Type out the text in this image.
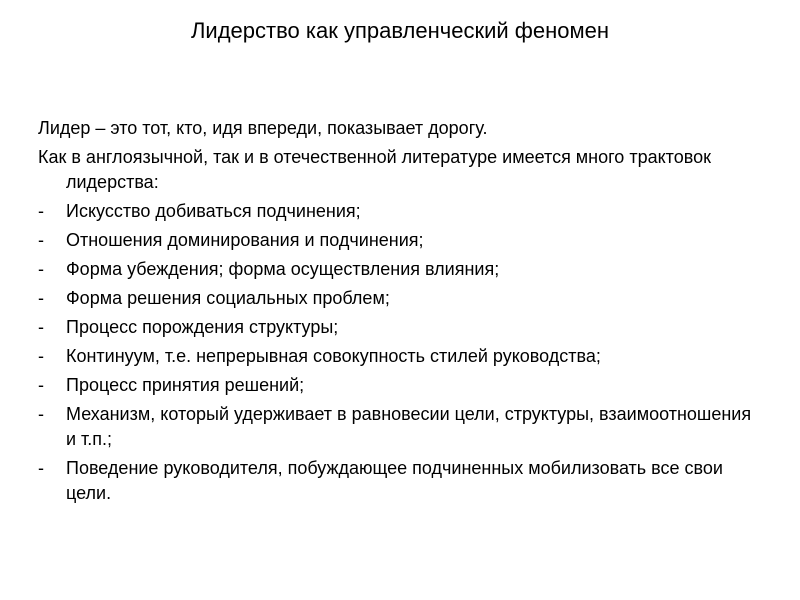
Лидерство как управленческий феномен
Лидер – это тот, кто, идя впереди, показывает дорогу.
Как в англоязычной, так и в отечественной литературе имеется много трактовок лидерства:
- Искусство добиваться подчинения;
- Отношения доминирования и подчинения;
- Форма убеждения; форма осуществления влияния;
- Форма решения социальных проблем;
- Процесс порождения структуры;
- Континуум, т.е. непрерывная совокупность стилей руководства;
- Процесс принятия решений;
- Механизм, который удерживает в равновесии цели, структуры, взаимоотношения и т.п.;
- Поведение руководителя, побуждающее подчиненных мобилизовать все свои цели.
